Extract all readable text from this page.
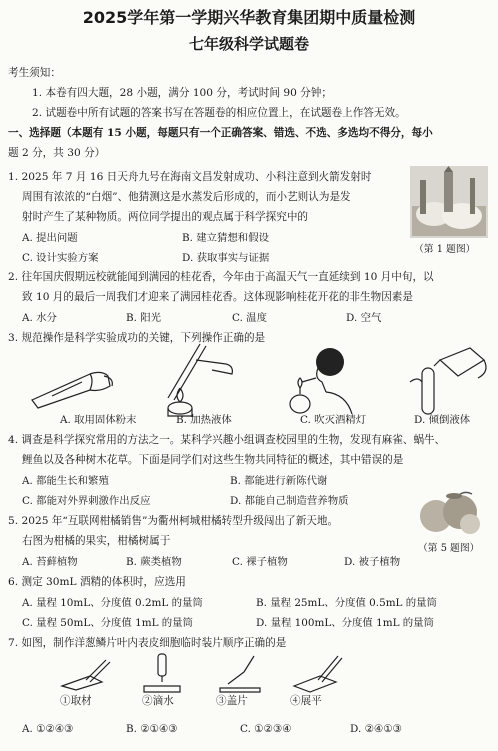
2025学年第一学期兴华教育集团期中质量检测
七年级科学试题卷
考生须知：
1. 本卷有四大题，28 小题，满分 100 分，考试时间 90 分钟；
2. 试题卷中所有试题的答案书写在答题卷的相应位置上，在试题卷上作答无效。
一、选择题（本题有 15 小题，每题只有一个正确答案、错选、不选、多选均不得分，每小
题 2 分，共 30 分）
1. 2025 年 7 月 16 日天舟九号在海南文昌发射成功、小科注意到火箭发射时
周围有浓浓的“白烟”、他猜测这是水蒸发后形成的，而小艺则认为是发
射时产生了某种物质。两位同学提出的观点属于科学探究中的
A. 提出问题	B. 建立猜想和假设
C. 设计实验方案	D. 获取事实与证据
（第 1 题图）
2. 往年国庆假期远校就能闻到满园的桂花香，今年由于高温天气一直延续到 10 月中旬，以
致 10 月的最后一周我们才迎来了满园桂花香。这体现影响桂花开花的非生物因素是
A. 水分	B. 阳光	C. 温度	D. 空气
3. 规范操作是科学实验成功的关键，下列操作正确的是
A. 取用固体粉末	B. 加热液体	C. 吹灭酒精灯	D. 倾倒液体
4. 调查是科学探究常用的方法之一。某科学兴趣小组调查校园里的生物，发现有麻雀、蜗牛、
鲤鱼以及各种树木花草。下面是同学们对这些生物共同特征的概述，其中错误的是
A. 都能生长和繁殖	B. 都能进行新陈代谢
C. 都能对外界刺激作出反应	D. 都能自己制造营养物质
5. 2025 年“互联网柑橘销售”为衢州柯城柑橘转型升级闯出了新天地。
右图为柑橘的果实，柑橘树属于
（第 5 题图）
A. 苔藓植物	B. 蕨类植物	C. 裸子植物	D. 被子植物
6. 测定 30mL 酒精的体积时，应选用
A. 量程 10mL、分度值 0.2mL 的量筒	B. 量程 25mL、分度值 0.5mL 的量筒
C. 量程 50mL、分度值 1mL 的量筒	D. 量程 100mL、分度值 1mL 的量筒
7. 如图，制作洋葱鳞片叶内表皮细胞临时装片顺序正确的是
①取材	②滴水	③盖片	④展平
A. ①②④③	B. ②①④③	C. ①②③④	D. ②④①③
